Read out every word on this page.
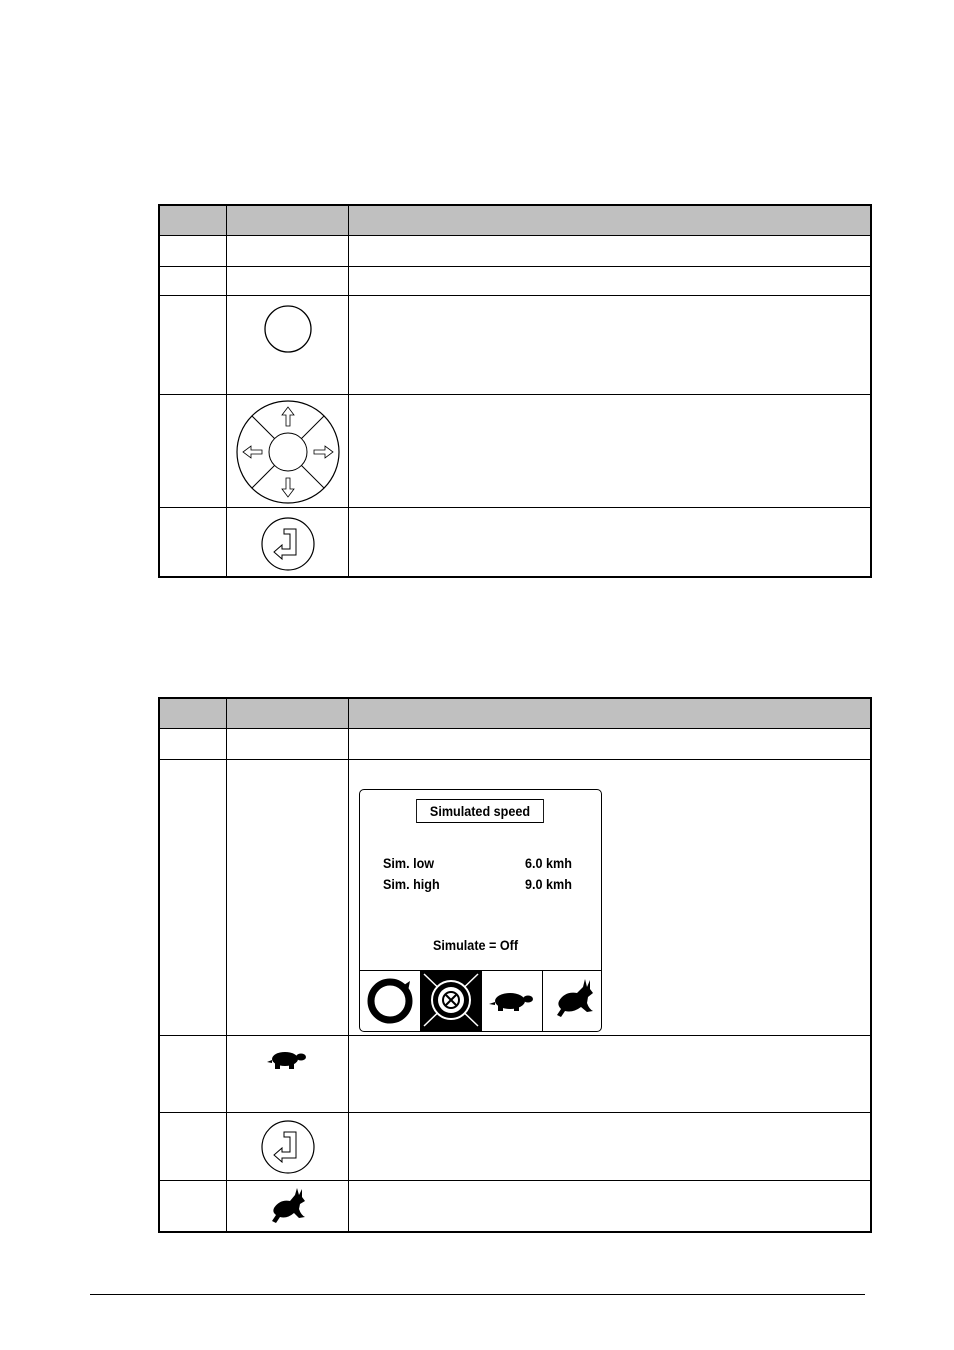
Simulated speed
Sim. low	6.0 kmh
Sim. high	9.0 kmh
Simulate = Off
